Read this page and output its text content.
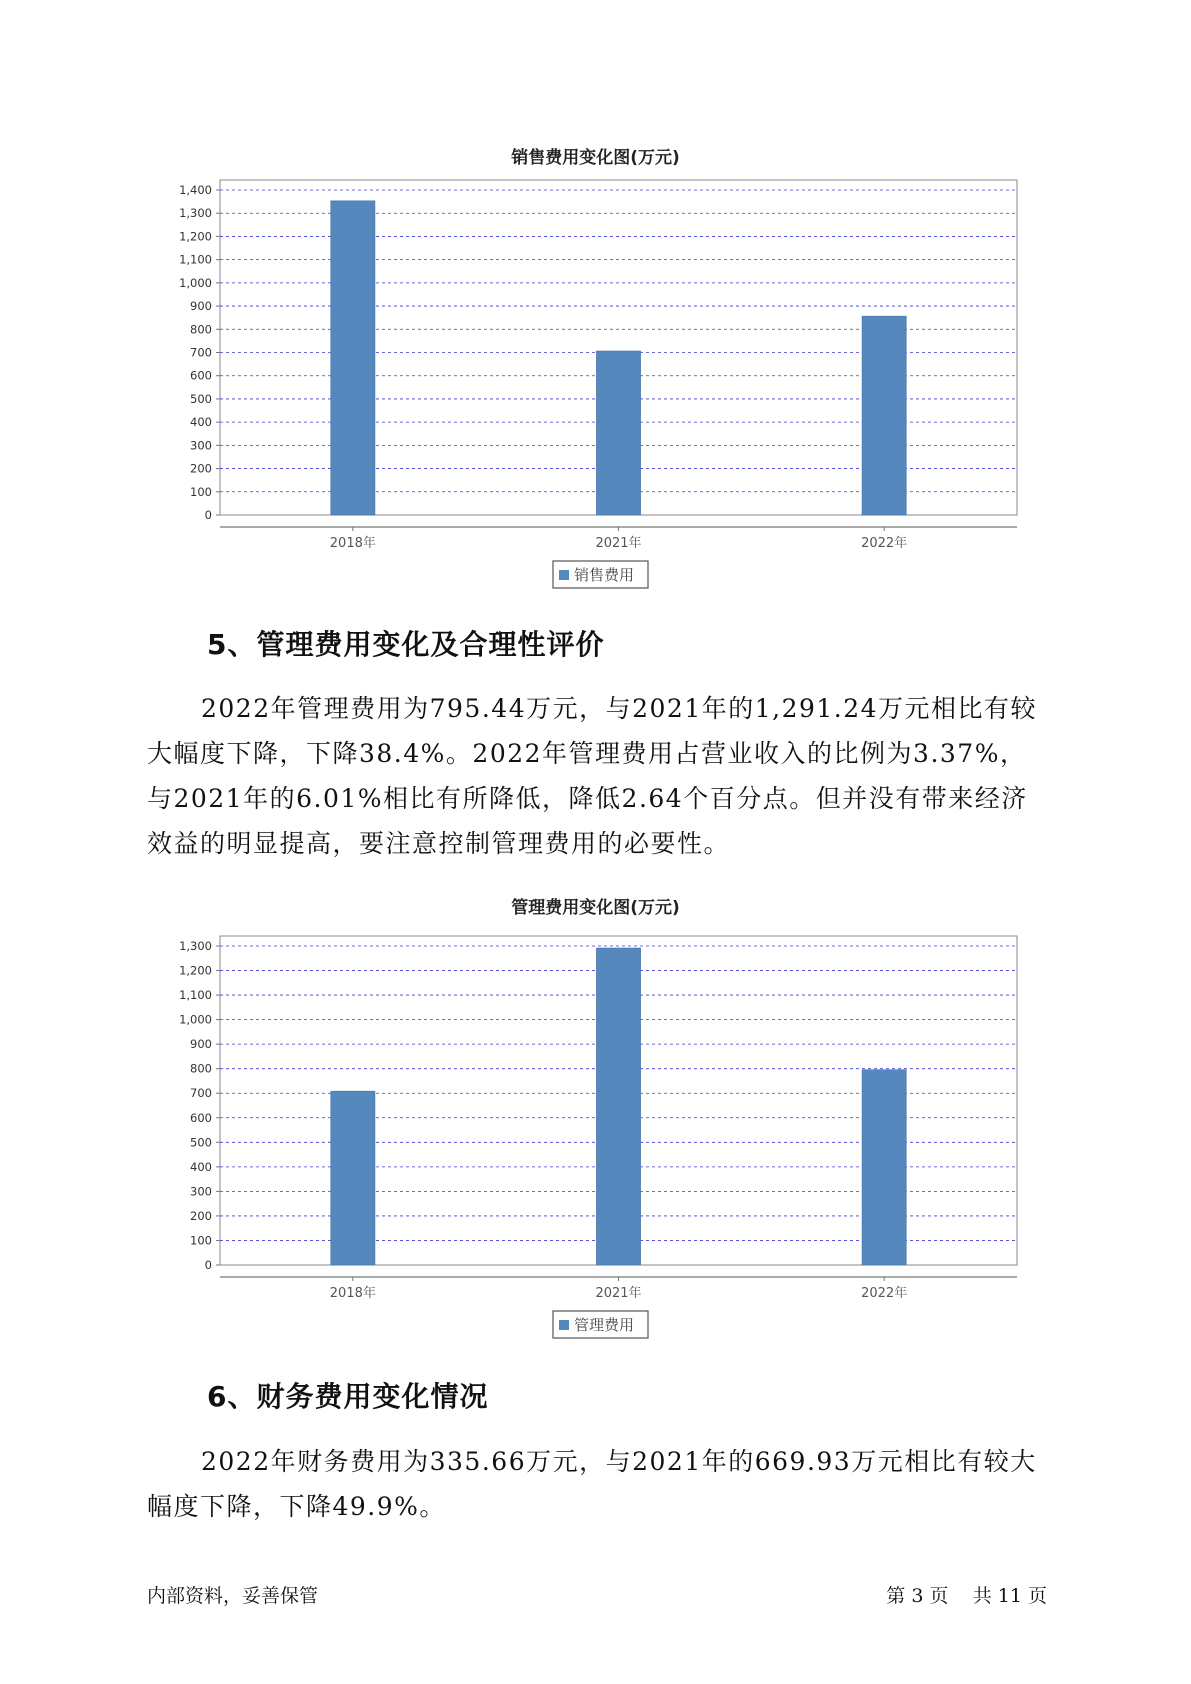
销售费用变化图(万元)
0
100
200
300
400
500
600
700
800
900
1,000
1,100
1,200
1,300
1,400
2018年	2021年	2022年
销售费用
5、管理费用变化及合理性评价

2022年管理费用为795.44万元，与2021年的1,291.24万元相比有较大幅度下降，下降38.4%。2022年管理费用占营业收入的比例为3.37%，与2021年的6.01%相比有所降低，降低2.64个百分点。但并没有带来经济效益的明显提高，要注意控制管理费用的必要性。

管理费用变化图(万元)
0
100
200
300
400
500
600
700
800
900
1,000
1,100
1,200
1,300
2018年	2021年	2022年
管理费用
6、财务费用变化情况

2022年财务费用为335.66万元，与2021年的669.93万元相比有较大幅度下降，下降49.9%。

内部资料，妥善保管	第 3 页 共 11 页
